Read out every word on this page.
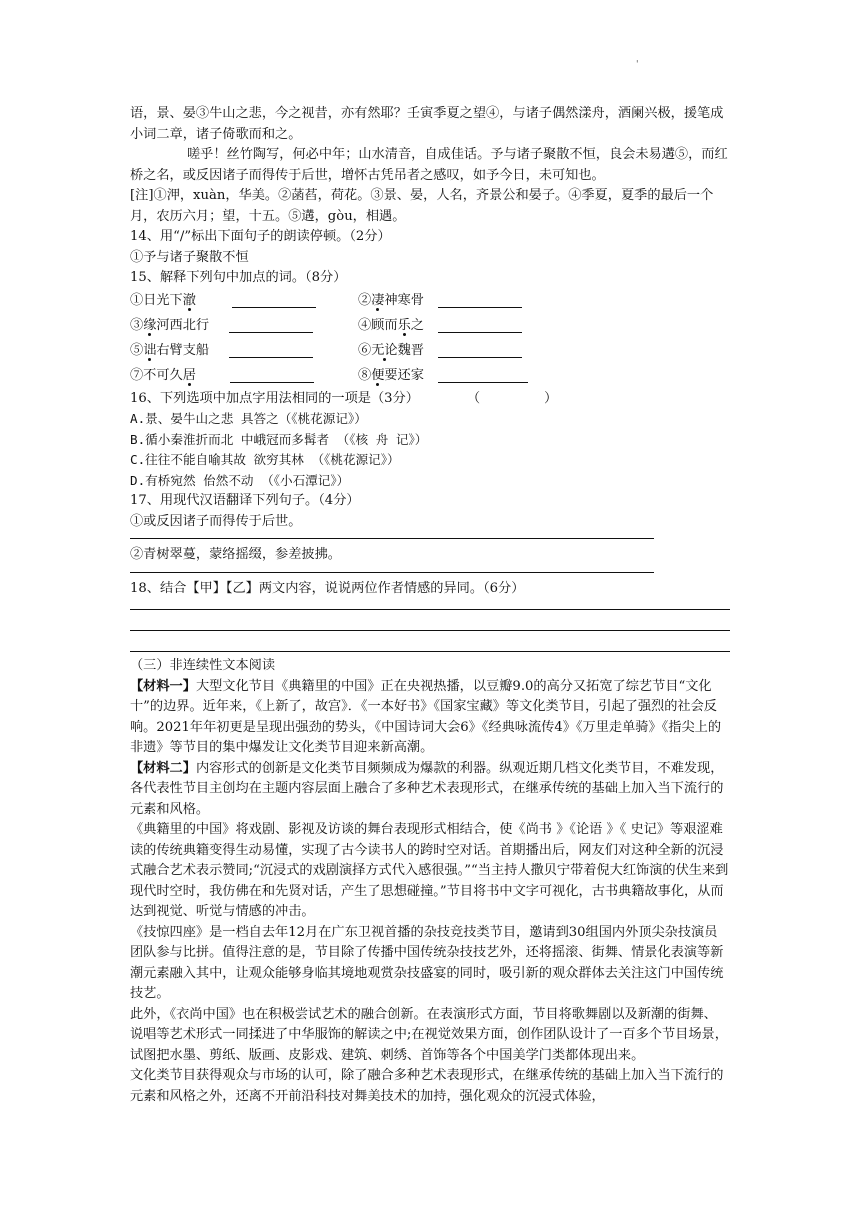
'

语，景、晏③牛山之悲，今之视昔，亦有然耶？壬寅季夏之望④，与诸子偶然漾舟，酒阑兴极，援笔成小词二章，诸子倚歌而和之。

嗟乎！丝竹陶写，何必中年；山水清音，自成佳话。予与诸子聚散不恒，良会未易遘⑤，而红桥之名，或反因诸子而得传于后世，增怀古凭吊者之感叹，如予今日，未可知也。

[注]①㳌，xuàn，华美。②菡萏，荷花。③景、晏，人名，齐景公和晏子。④季夏，夏季的最后一个月，农历六月；望，十五。⑤遘，gòu，相遇。

14、用“/”标出下面句子的朗读停顿。（2分）

①予与诸子聚散不恒

15、解释下列句中加点的词。（8分）

①日光下澈	②凄神寒骨
③缘河西北行	④顾而乐之
⑤诎右臂支船	⑥无论魏晋
⑦不可久居	⑧便要还家

16、下列选项中加点字用法相同的一项是（3分）	（	）

A.景、晏牛山之悲 具答之（《桃花源记》）

B.循小秦淮折而北 中峨冠而多髯者 （《核 舟 记》）

C.往往不能自喻其故 欲穷其林 （《桃花源记》）

D.有桥宛然 佁然不动 （《小石潭记》）

17、用现代汉语翻译下列句子。（4分）

①或反因诸子而得传于后世。

②青树翠蔓，蒙络摇缀，参差披拂。

18、结合【甲】【乙】两文内容，说说两位作者情感的异同。（6分）

（三）非连续性文本阅读

【材料一】大型文化节目《典籍里的中国》正在央视热播，以豆瓣9.0的高分又拓宽了综艺节目“文化十”的边界。近年来，《上新了，故宫》．《一本好书》《国家宝藏》等文化类节目，引起了强烈的社会反响。2021年年初更是呈现出强劲的势头，《中国诗词大会6》《经典咏流传4》《万里走单骑》《指尖上的非遗》等节目的集中爆发让文化类节目迎来新高潮。

【材料二】内容形式的创新是文化类节目频频成为爆款的利器。纵观近期几档文化类节目，不难发现，各代表性节目主创均在主题内容层面上融合了多种艺术表现形式，在继承传统的基础上加入当下流行的元素和风格。

《典籍里的中国》将戏剧、影视及访谈的舞台表现形式相结合，使《尚书 》《论语 》《 史记》等艰涩难读的传统典籍变得生动易懂，实现了古今读书人的跨时空对话。首期播出后，网友们对这种全新的沉浸式融合艺术表示赞同;“沉浸式的戏剧演择方式代入感很强。”“当主持人撒贝宁带着倪大红饰演的伏生来到现代时空时，我仿佛在和先贤对话，产生了思想碰撞。”节目将书中文字可视化，古书典籍故事化，从而达到视觉、听觉与情感的冲击。

《技惊四座》是一档自去年12月在广东卫视首播的杂技竞技类节目，邀请到30组国内外顶尖杂技演员团队参与比拼。值得注意的是，节目除了传播中国传统杂技技艺外，还将摇滚、街舞、情景化表演等新潮元素融入其中，让观众能够身临其境地观赏杂技盛宴的同时，吸引新的观众群体去关注这门中国传统技艺。

此外，《衣尚中国》也在积极尝试艺术的融合创新。在表演形式方面，节目将歌舞剧以及新潮的街舞、说唱等艺术形式一同揉进了中华服饰的解读之中;在视觉效果方面，创作团队设计了一百多个节目场景，试图把水墨、剪纸、版画、皮影戏、建筑、刺绣、首饰等各个中国美学门类都体现出来。

文化类节目获得观众与市场的认可，除了融合多种艺术表现形式，在继承传统的基础上加入当下流行的元素和风格之外，还离不开前沿科技对舞美技术的加持，强化观众的沉浸式体验，
